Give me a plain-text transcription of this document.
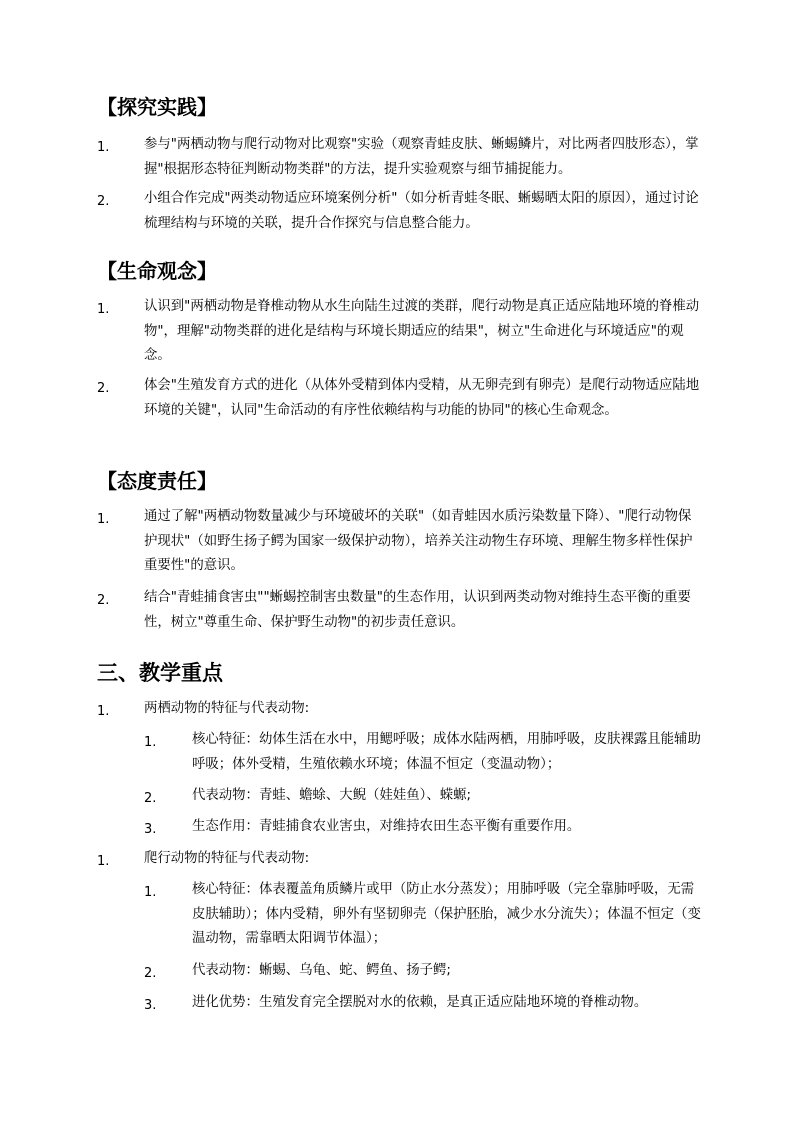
【探究实践】
1.	参与"两栖动物与爬行动物对比观察"实验（观察青蛙皮肤、蜥蜴鳞片，对比两者四肢形态），掌握"根据形态特征判断动物类群"的方法，提升实验观察与细节捕捉能力。
2.	小组合作完成"两类动物适应环境案例分析"（如分析青蛙冬眠、蜥蜴晒太阳的原因），通过讨论梳理结构与环境的关联，提升合作探究与信息整合能力。
【生命观念】
1.	认识到"两栖动物是脊椎动物从水生向陆生过渡的类群，爬行动物是真正适应陆地环境的脊椎动物"，理解"动物类群的进化是结构与环境长期适应的结果"，树立"生命进化与环境适应"的观念。
2.	体会"生殖发育方式的进化（从体外受精到体内受精，从无卵壳到有卵壳）是爬行动物适应陆地环境的关键"，认同"生命活动的有序性依赖结构与功能的协同"的核心生命观念。
【态度责任】
1.	通过了解"两栖动物数量减少与环境破坏的关联"（如青蛙因水质污染数量下降）、"爬行动物保护现状"（如野生扬子鳄为国家一级保护动物），培养关注动物生存环境、理解生物多样性保护重要性"的意识。
2.	结合"青蛙捕食害虫""蜥蜴控制害虫数量"的生态作用，认识到两类动物对维持生态平衡的重要性，树立"尊重生命、保护野生动物"的初步责任意识。
三、教学重点
1.	两栖动物的特征与代表动物:
1.	核心特征：幼体生活在水中，用鳃呼吸；成体水陆两栖，用肺呼吸，皮肤裸露且能辅助呼吸；体外受精，生殖依赖水环境；体温不恒定（变温动物）；
2.	代表动物：青蛙、蟾蜍、大鲵（娃娃鱼）、蝾螈;
3.	生态作用：青蛙捕食农业害虫，对维持农田生态平衡有重要作用。
1.	爬行动物的特征与代表动物:
1.	核心特征：体表覆盖角质鳞片或甲（防止水分蒸发）；用肺呼吸（完全靠肺呼吸，无需皮肤辅助）；体内受精，卵外有坚韧卵壳（保护胚胎，减少水分流失）；体温不恒定（变温动物，需靠晒太阳调节体温）；
2.	代表动物：蜥蜴、乌龟、蛇、鳄鱼、扬子鳄;
3.	进化优势：生殖发育完全摆脱对水的依赖，是真正适应陆地环境的脊椎动物。
